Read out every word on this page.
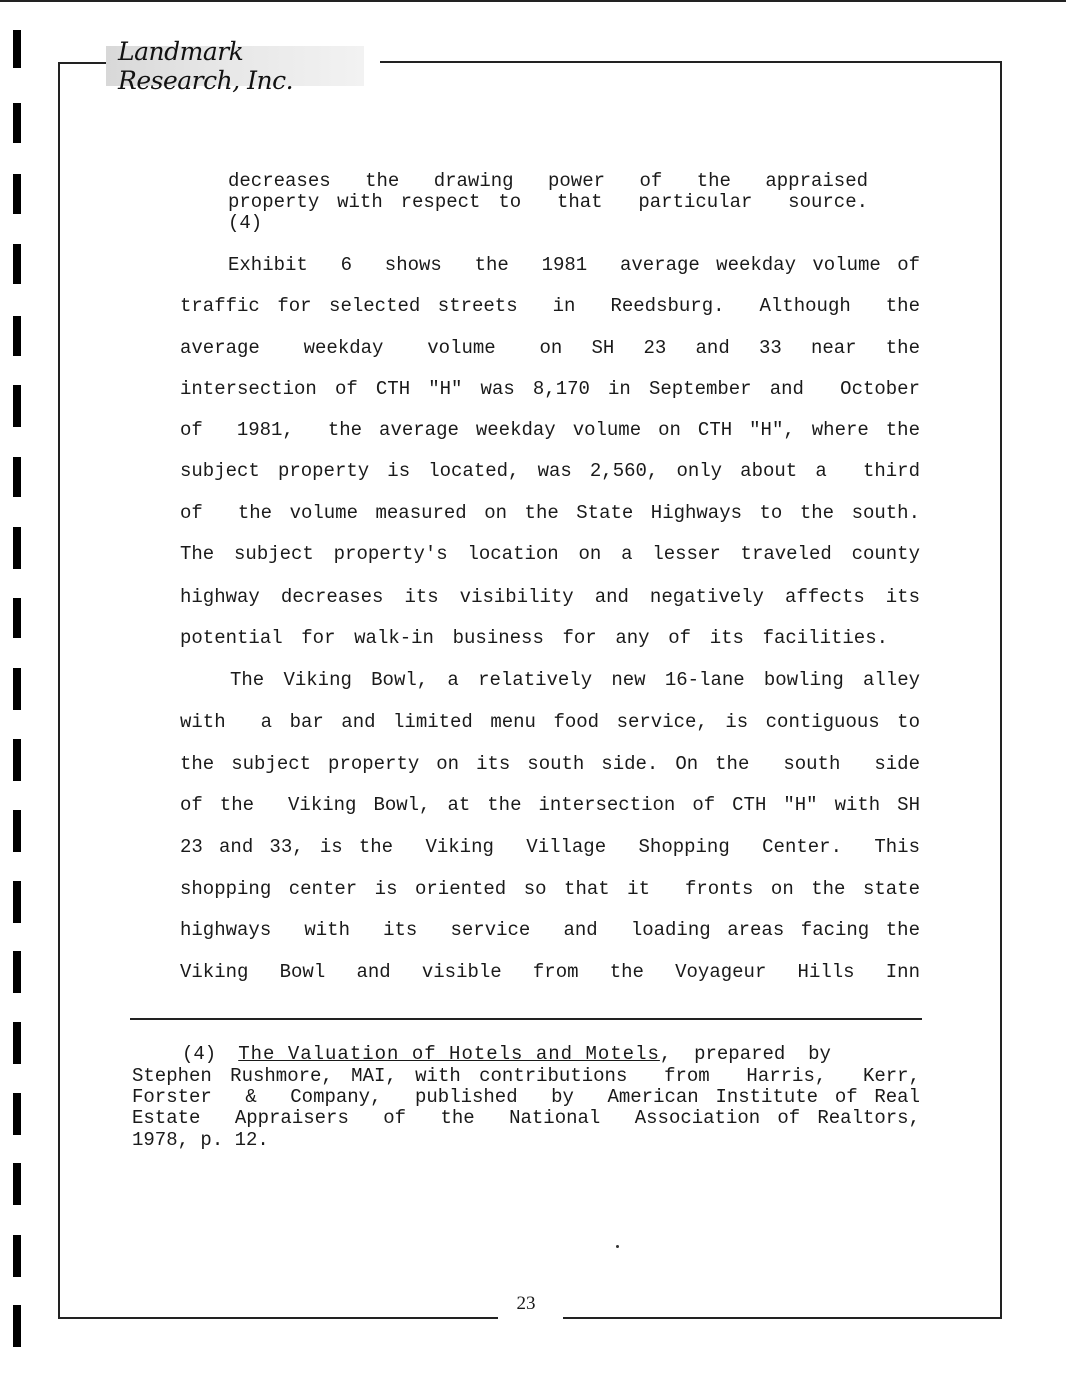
Landmark Research, Inc.
decreases  the  drawing  power  of  the  appraised
property with respect to  that  particular  source.
(4)
Exhibit  6  shows  the  1981  average weekday volume of
traffic for selected streets  in  Reedsburg.  Although  the
average   weekday   volume   on  SH  23  and  33  near  the
intersection of CTH "H" was 8,170 in September and  October
of  1981,  the average weekday volume on CTH "H", where the
subject property is located, was 2,560, only about a  third
of  the volume measured on the State Highways to the south.
The subject property's location on a lesser traveled county
highway decreases its visibility and negatively affects its
potential for walk-in business for any of its facilities.
The Viking Bowl, a relatively new 16-lane bowling alley
with  a bar and limited menu food service, is contiguous to
the subject property on its south side. On the  south  side
of the  Viking Bowl, at the intersection of CTH "H" with SH
23 and 33, is the  Viking  Village  Shopping  Center.  This
shopping center is oriented so that it  fronts on the state
highways  with  its  service  and  loading areas facing the
Viking  Bowl  and  visible  from  the  Voyageur  Hills  Inn
(4) The Valuation of Hotels and Motels ,  prepared  by
Stephen Rushmore, MAI, with contributions  from  Harris,  Kerr,
Forster  &  Company,  published  by  American Institute of Real
Estate  Appraisers  of  the  National  Association of Realtors,
1978, p. 12.
23
